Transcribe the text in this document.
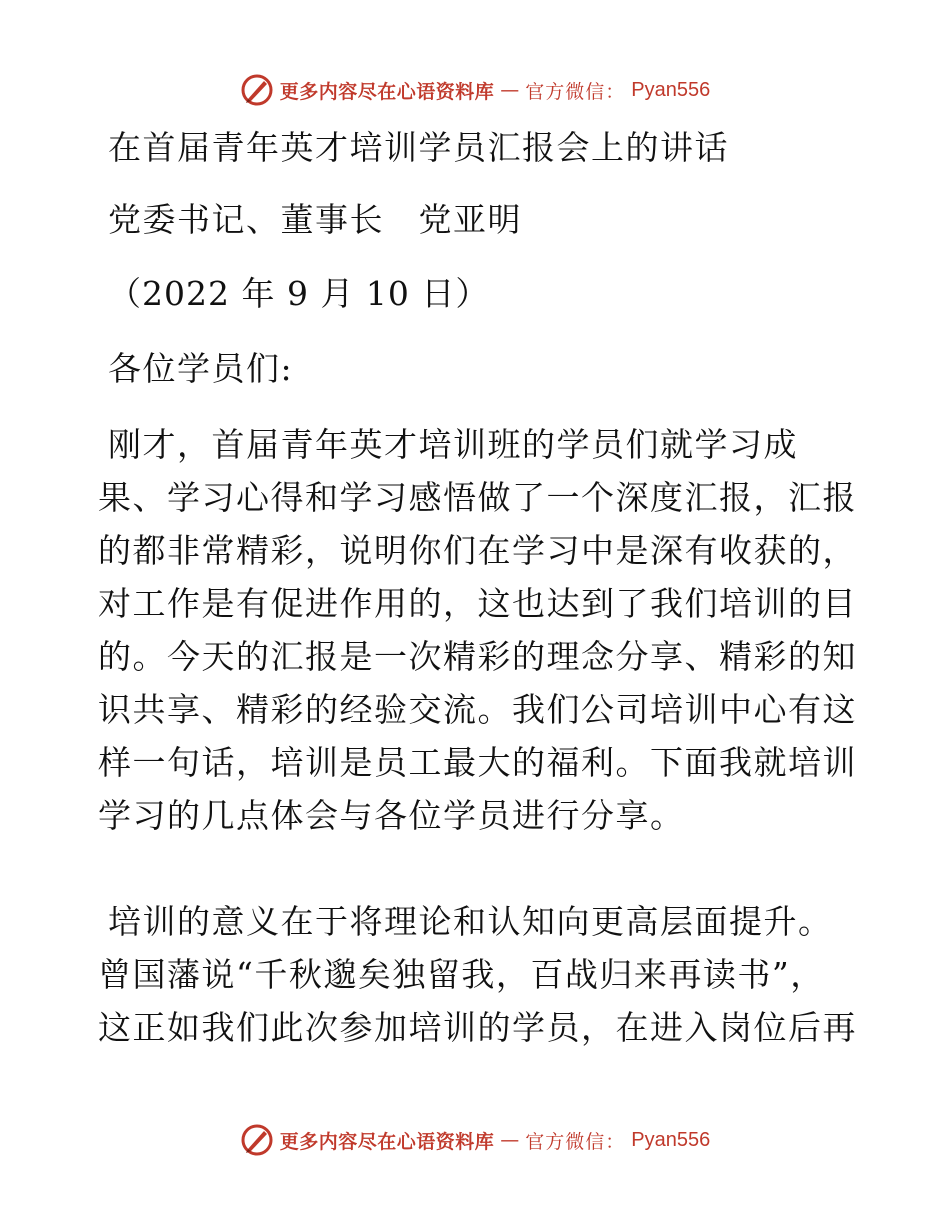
更多内容尽在心语资料库 — 官方微信： Pyan556
在首届青年英才培训学员汇报会上的讲话
党委书记、董事长　党亚明
（2022 年 9 月 10 日）
各位学员们:
刚才，首届青年英才培训班的学员们就学习成
果、学习心得和学习感悟做了一个深度汇报，汇报
的都非常精彩，说明你们在学习中是深有收获的，
对工作是有促进作用的，这也达到了我们培训的目
的。今天的汇报是一次精彩的理念分享、精彩的知
识共享、精彩的经验交流。我们公司培训中心有这
样一句话，培训是员工最大的福利。下面我就培训
学习的几点体会与各位学员进行分享。
培训的意义在于将理论和认知向更高层面提升。
曾国藩说“千秋邈矣独留我，百战归来再读书”，
这正如我们此次参加培训的学员，在进入岗位后再
更多内容尽在心语资料库 — 官方微信： Pyan556
